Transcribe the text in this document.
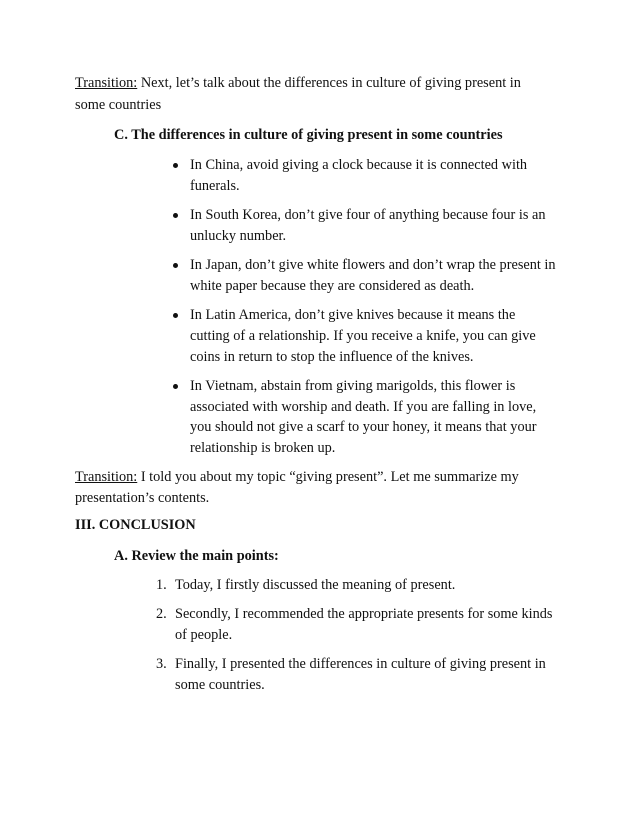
Transition: Next, let’s talk about the differences in culture of giving present in
some countries
C. The differences in culture of giving present in some countries
In China, avoid giving a clock because it is connected with
funerals.
In South Korea, don’t give four of anything because four is an
unlucky number.
In Japan, don’t give white flowers and don’t wrap the present in
white paper because they are considered as death.
In Latin America, don’t give knives because it means the
cutting of a relationship. If you receive a knife, you can give
coins in return to stop the influence of the knives.
In Vietnam, abstain from giving marigolds, this flower is
associated with worship and death. If you are falling in love,
you should not give a scarf to your honey, it means that your
relationship is broken up.
Transition: I told you about my topic “giving present”. Let me summarize my
presentation’s contents.
III. CONCLUSION
A. Review the main points:
1. Today, I firstly discussed the meaning of present.
2. Secondly, I recommended the appropriate presents for some kinds
of people.
3. Finally, I presented the differences in culture of giving present in
some countries.
